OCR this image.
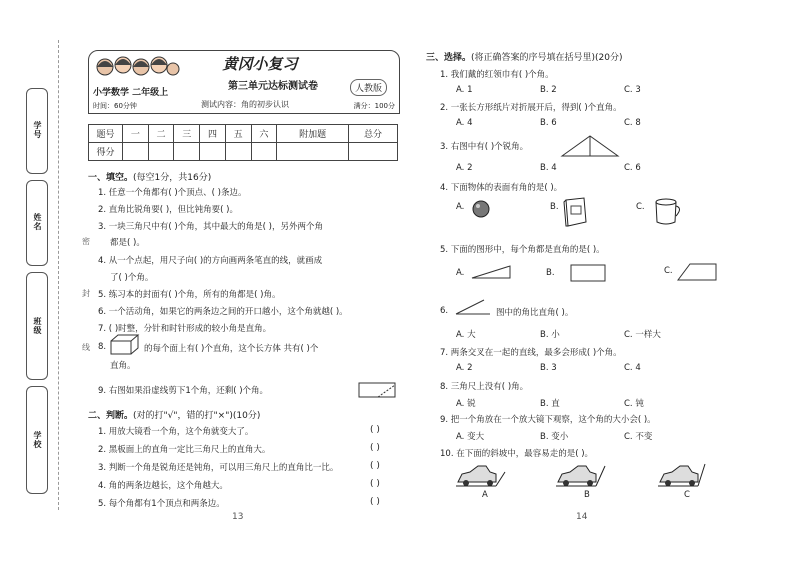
学号
姓名
班级
学校
密
封
线
黄冈小复习
第三单元达标测试卷	人教版
小学数学 二年级上
测试内容：角的初步认识
时间：60分钟	满分：100分
题号	一	二	三	四	五	六	附加题	总分
得分								
一、填空。(每空1分，共16分)
1. 任意一个角都有( )个顶点、( )条边。
2. 直角比锐角要( )，但比钝角要( )。
3. 一块三角尺中有( )个角，其中最大的角是( )，另外两个角
都是( )。
4. 从一个点起，用尺子向( )的方向画两条笔直的线，就画成
了( )个角。
5. 练习本的封面有( )个角，所有的角都是( )角。
6. 一个活动角，如果它的两条边之间的开口越小，这个角就越( )。
7. ( )时整，分针和时针形成的较小角是直角。
8.	的每个面上有( )个直角，这个长方体 共有( )个
直角。
9. 右图如果沿虚线剪下1个角，还剩( )个角。
二、判断。(对的打"√"，错的打"×")(10分)
1. 用放大镜看一个角，这个角就变大了。	( )
2. 黑板面上的直角一定比三角尺上的直角大。	( )
3. 判断一个角是锐角还是钝角，可以用三角尺上的直角比一比。	( )
4. 角的两条边越长，这个角越大。	( )
5. 每个角都有1个顶点和两条边。	( )
13
三、选择。(将正确答案的序号填在括号里)(20分)
1. 我们戴的红领巾有( )个角。
A. 1	B. 2	C. 3
2. 一张长方形纸片对折展开后，得到( )个直角。
A. 4	B. 6	C. 8
3. 右图中有( )个锐角。
A. 2	B. 4	C. 6
4. 下面物体的表面有角的是( )。
A.	B.	C.
5. 下面的图形中，每个角都是直角的是( )。
A.	B.	C.
6.	图中的角比直角( )。
A. 大	B. 小	C. 一样大
7. 两条交叉在一起的直线，最多会形成( )个角。
A. 2	B. 3	C. 4
8. 三角尺上没有( )角。
A. 锐	B. 直	C. 钝
9. 把一个角放在一个放大镜下观察，这个角的大小会( )。
A. 变大	B. 变小	C. 不变
10. 在下面的斜坡中，最容易走的是( )。
A	B	C
14
